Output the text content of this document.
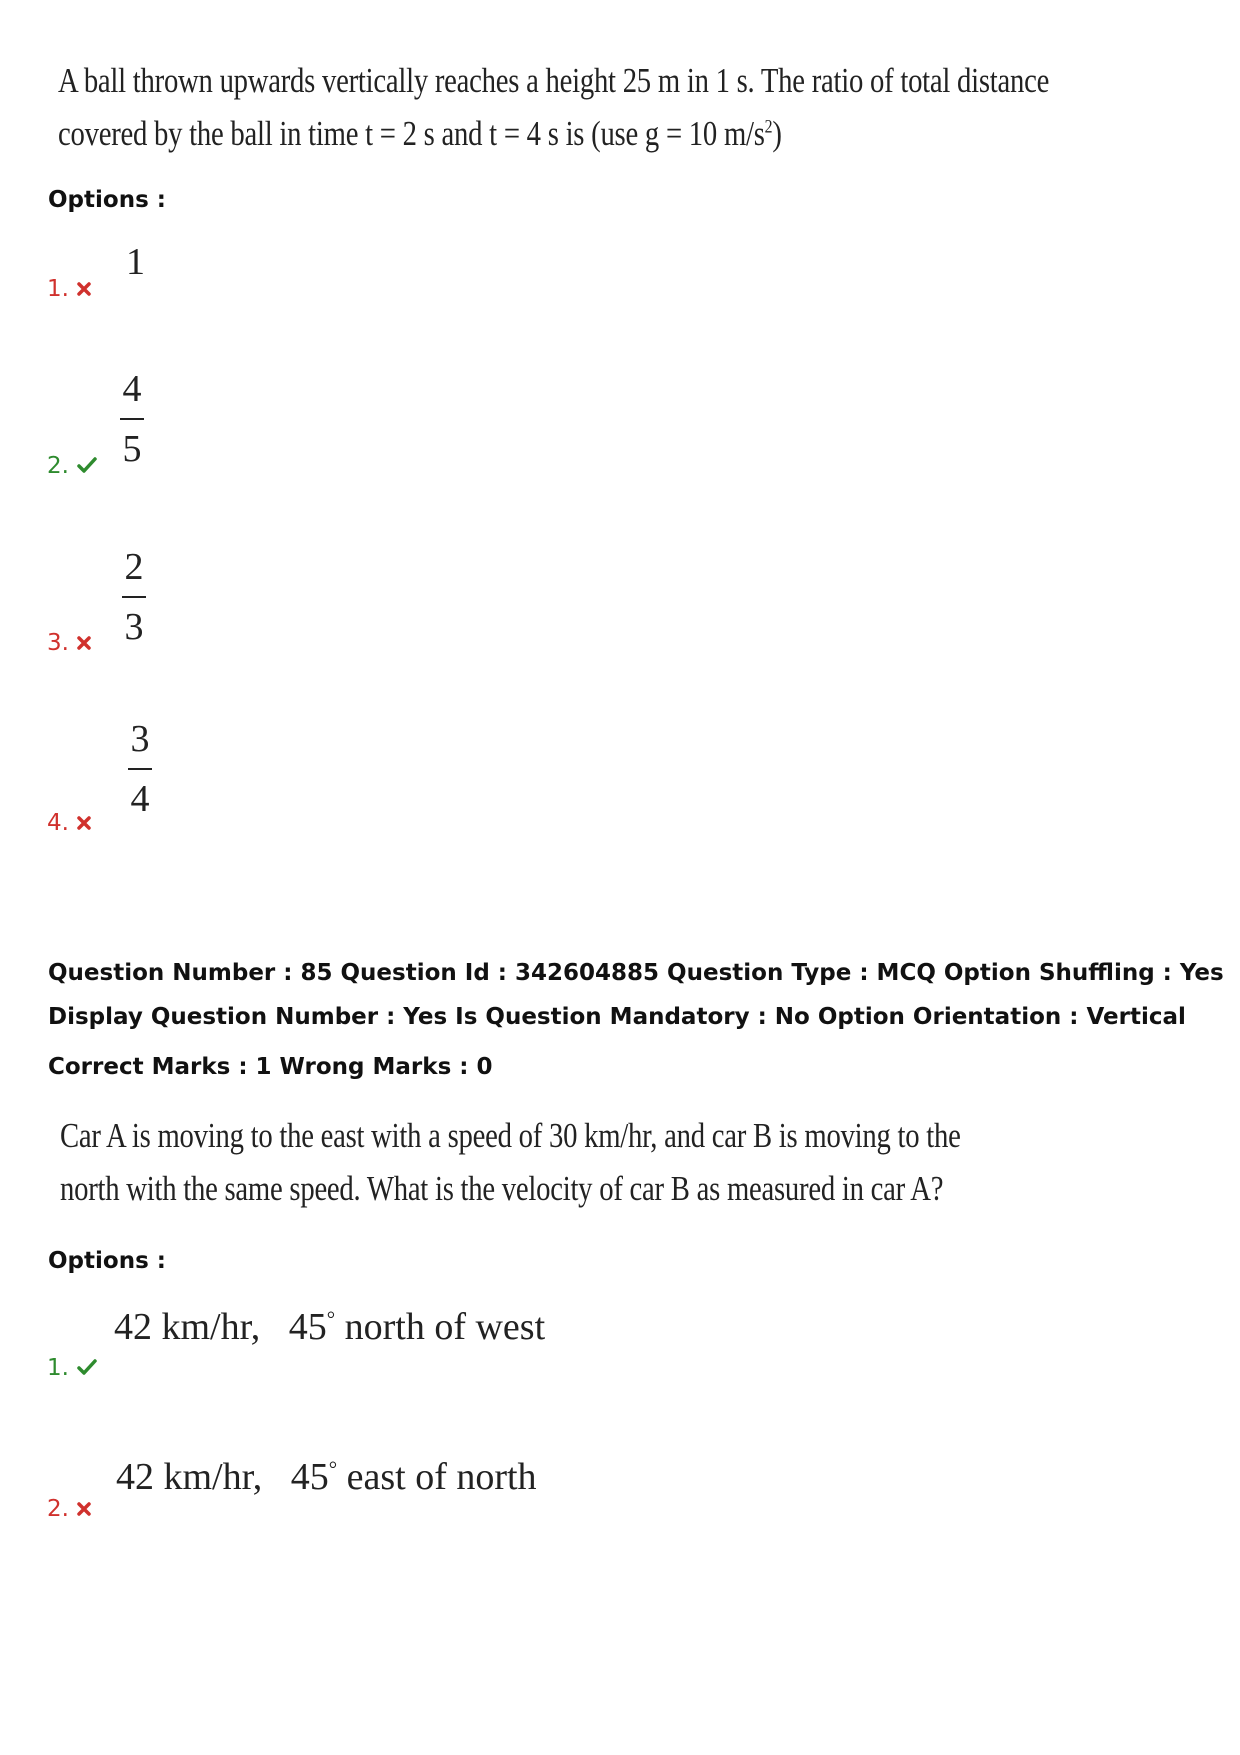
A ball thrown upwards vertically reaches a height 25 m in 1 s. The ratio of total distance
covered by the ball in time t = 2 s and t = 4 s is (use g = 10 $m/s^2$)
Options :
1.
1
2.
4
5
3.
2
3
4.
3
4
Question Number : 85 Question Id : 342604885 Question Type : MCQ Option Shuffling : Yes
Display Question Number : Yes Is Question Mandatory : No Option Orientation : Vertical
Correct Marks : 1 Wrong Marks : 0
Car A is moving to the east with a speed of 30 km/hr, and car B is moving to the
north with the same speed. What is the velocity of car B as measured in car A?
Options :
1.
42 km/hr, 45° north of west
2.
42 km/hr, 45° east of north
